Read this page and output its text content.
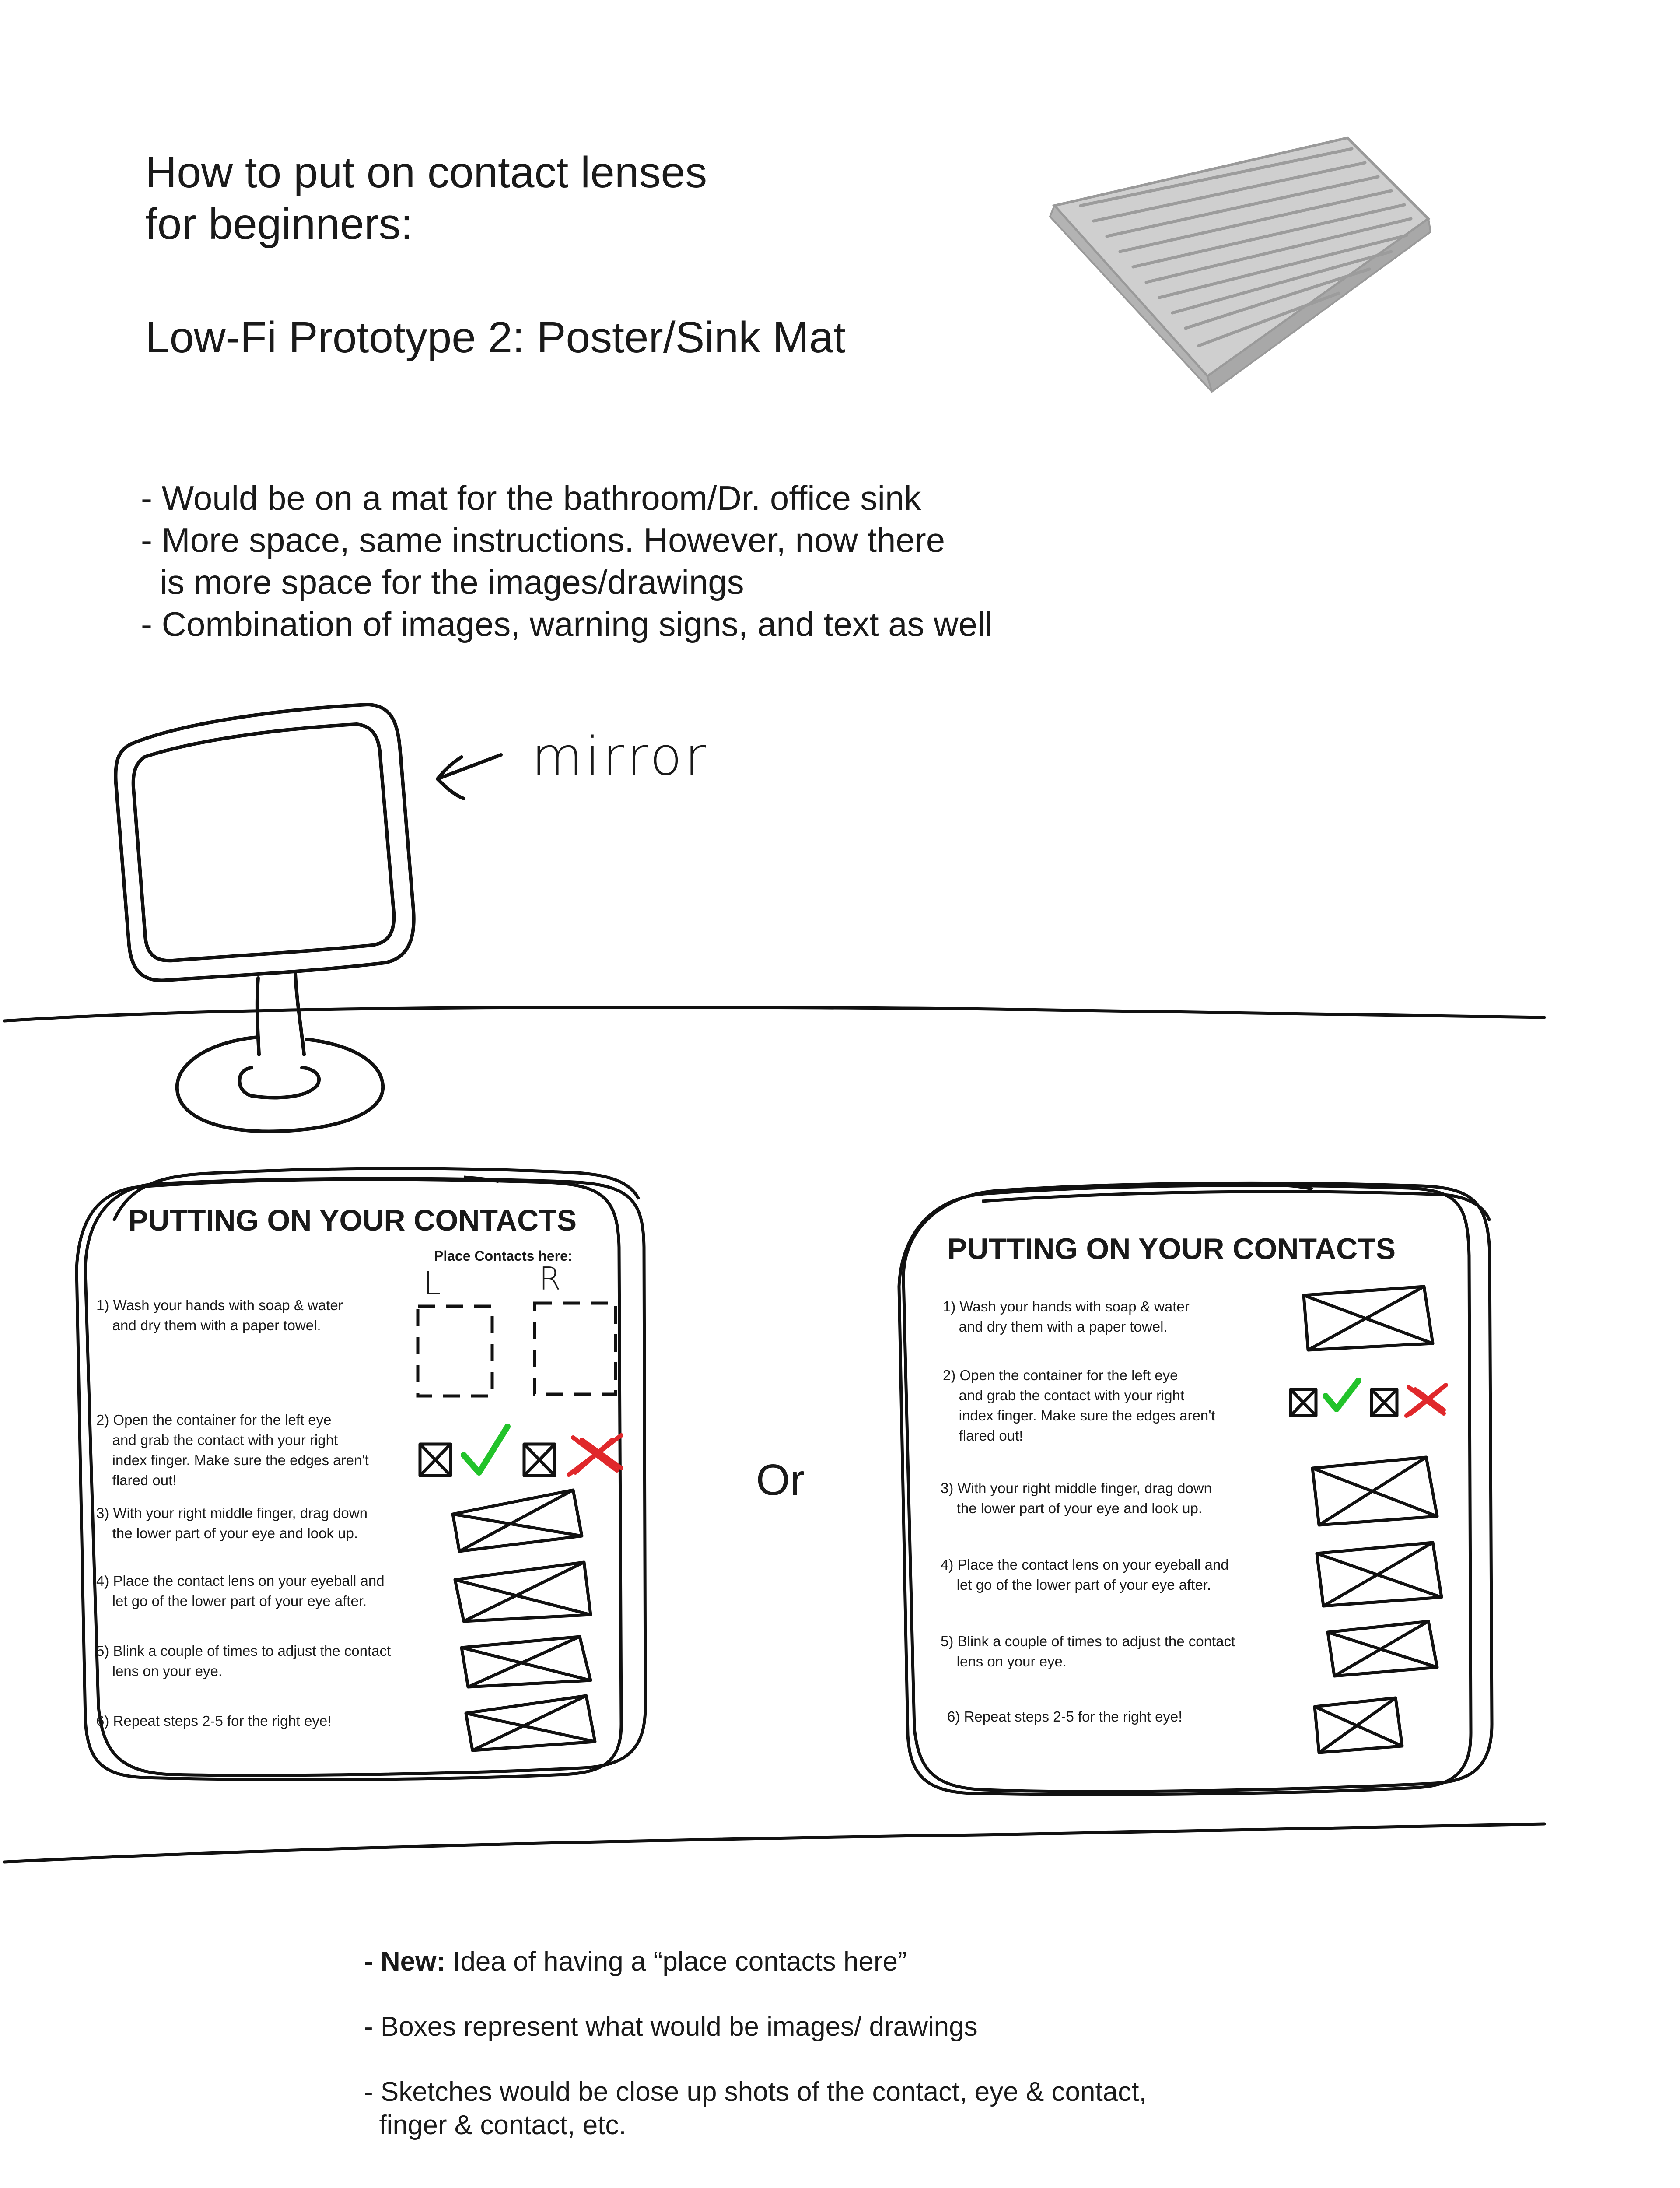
How to put on contact lenses
for beginners:
Low-Fi Prototype 2: Poster/Sink Mat
- Would be on a mat for the bathroom/Dr. office sink
- More space, same instructions. However, now there
is more space for the images/drawings
- Combination of images, warning signs, and text as well
mirror
Or
PUTTING ON YOUR CONTACTS
Place Contacts here:
L	R
1) Wash your hands with soap & water
and dry them with a paper towel.
2) Open the container for the left eye
and grab the contact with your right
index finger. Make sure the edges aren't
flared out!
3) With your right middle finger, drag down
the lower part of your eye and look up.
4) Place the contact lens on your eyeball and
let go of the lower part of your eye after.
5) Blink a couple of times to adjust the contact
lens on your eye.
6) Repeat steps 2-5 for the right eye!
PUTTING ON YOUR CONTACTS
1) Wash your hands with soap & water
and dry them with a paper towel.
2) Open the container for the left eye
and grab the contact with your right
index finger. Make sure the edges aren't
flared out!
3) With your right middle finger, drag down
the lower part of your eye and look up.
4) Place the contact lens on your eyeball and
let go of the lower part of your eye after.
5) Blink a couple of times to adjust the contact
lens on your eye.
6) Repeat steps 2-5 for the right eye!
- New: Idea of having a “place contacts here”
- Boxes represent what would be images/ drawings
- Sketches would be close up shots of the contact, eye & contact,
finger & contact, etc.
